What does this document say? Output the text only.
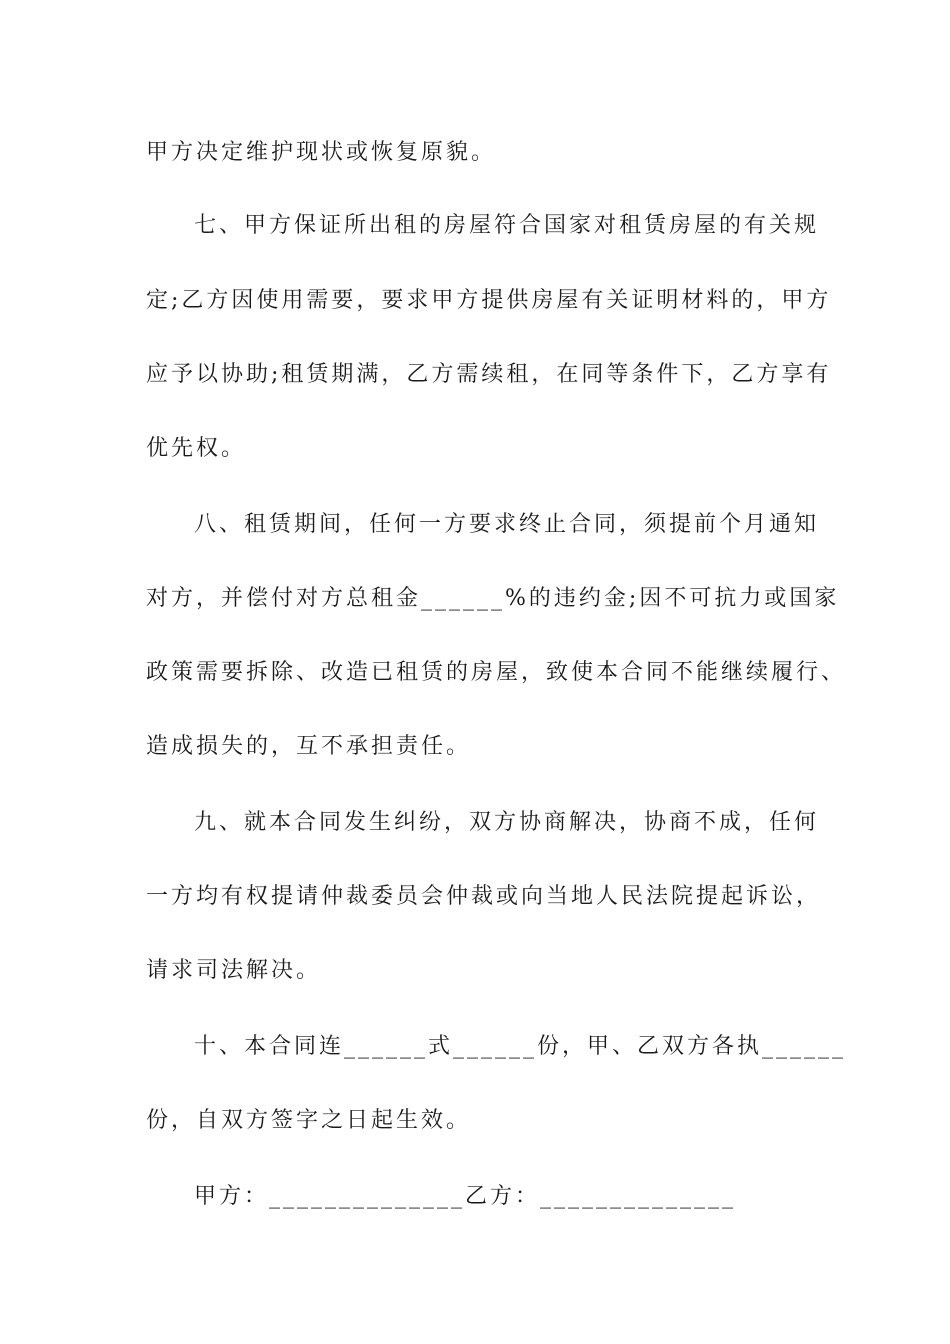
甲方决定维护现状或恢复原貌。

七、甲方保证所出租的房屋符合国家对租赁房屋的有关规

定;乙方因使用需要，要求甲方提供房屋有关证明材料的，甲方

应予以协助;租赁期满，乙方需续租，在同等条件下，乙方享有

优先权。

八、租赁期间，任何一方要求终止合同，须提前个月通知

对方，并偿付对方总租金______%的违约金;因不可抗力或国家

政策需要拆除、改造已租赁的房屋，致使本合同不能继续履行、

造成损失的，互不承担责任。

九、就本合同发生纠纷，双方协商解决，协商不成，任何

一方均有权提请仲裁委员会仲裁或向当地人民法院提起诉讼，

请求司法解决。

十、本合同连______式______份，甲、乙双方各执______

份，自双方签字之日起生效。

甲方：______________乙方：______________
